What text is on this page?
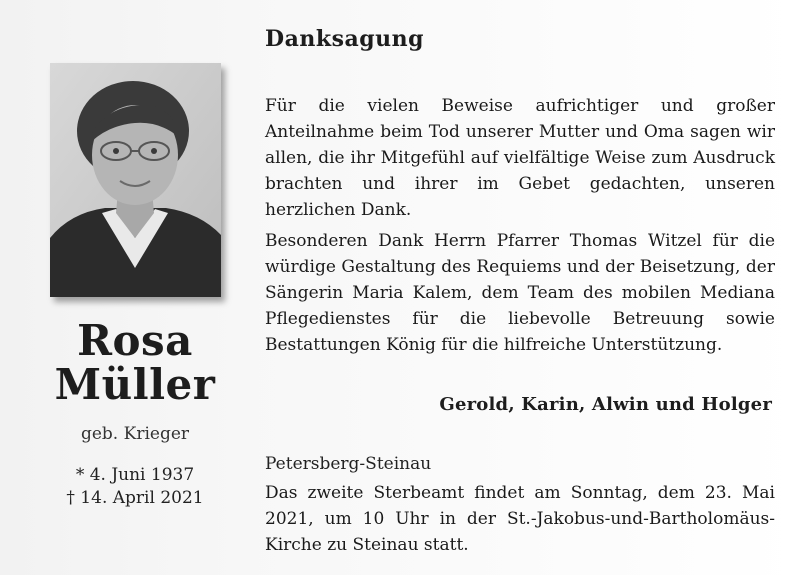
Rosa
Müller
geb. Krieger
* 4. Juni 1937
† 14. April 2021
Danksagung
Für die vielen Beweise aufrichtiger und großer Anteilnahme beim Tod unserer Mutter und Oma sagen wir allen, die ihr Mitgefühl auf vielfältige Weise zum Ausdruck brachten und ihrer im Gebet gedachten, unseren herzlichen Dank.
Besonderen Dank Herrn Pfarrer Thomas Witzel für die würdige Gestaltung des Requiems und der Beisetzung, der Sängerin Maria Kalem, dem Team des mobilen Mediana Pflegedienstes für die liebevolle Betreuung sowie Bestattungen König für die hilfreiche Unterstützung.
Gerold, Karin, Alwin und Holger
Petersberg-Steinau
Das zweite Sterbeamt findet am Sonntag, dem 23. Mai 2021, um 10 Uhr in der St.-Jakobus-und-Bartholomäus-Kirche zu Steinau statt.
